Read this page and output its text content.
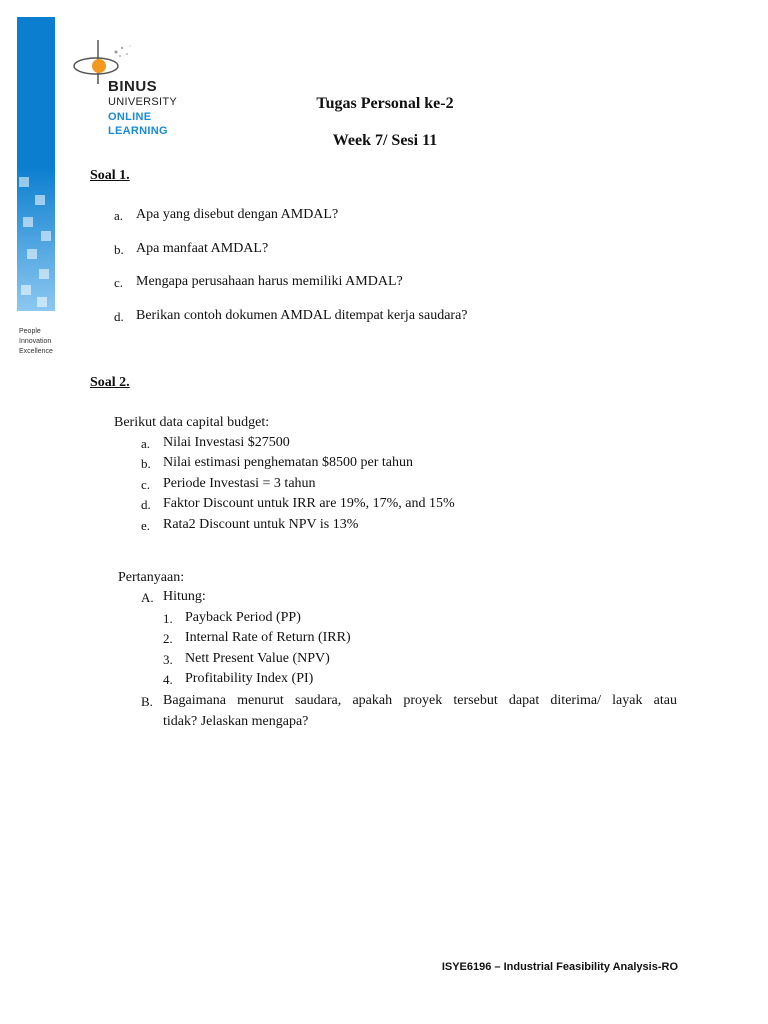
People
Innovation
Excellence
BINUS
UNIVERSITY
ONLINE
LEARNING
Tugas Personal ke-2
Week 7/ Sesi 11
Soal 1.
a. Apa yang disebut dengan AMDAL?
b. Apa manfaat AMDAL?
c. Mengapa perusahaan harus memiliki AMDAL?
d. Berikan contoh dokumen AMDAL ditempat kerja saudara?
Soal 2.
Berikut data capital budget:
a. Nilai Investasi $27500
b. Nilai estimasi penghematan $8500 per tahun
c. Periode Investasi = 3 tahun
d. Faktor Discount untuk IRR are 19%, 17%, and 15%
e. Rata2 Discount untuk NPV is 13%
Pertanyaan:
A. Hitung:
1. Payback Period (PP)
2. Internal Rate of Return (IRR)
3. Nett Present Value (NPV)
4. Profitability Index (PI)
B. Bagaimana menurut saudara, apakah proyek tersebut dapat diterima/ layak atau
tidak? Jelaskan mengapa?
ISYE6196 – Industrial Feasibility Analysis-RO
